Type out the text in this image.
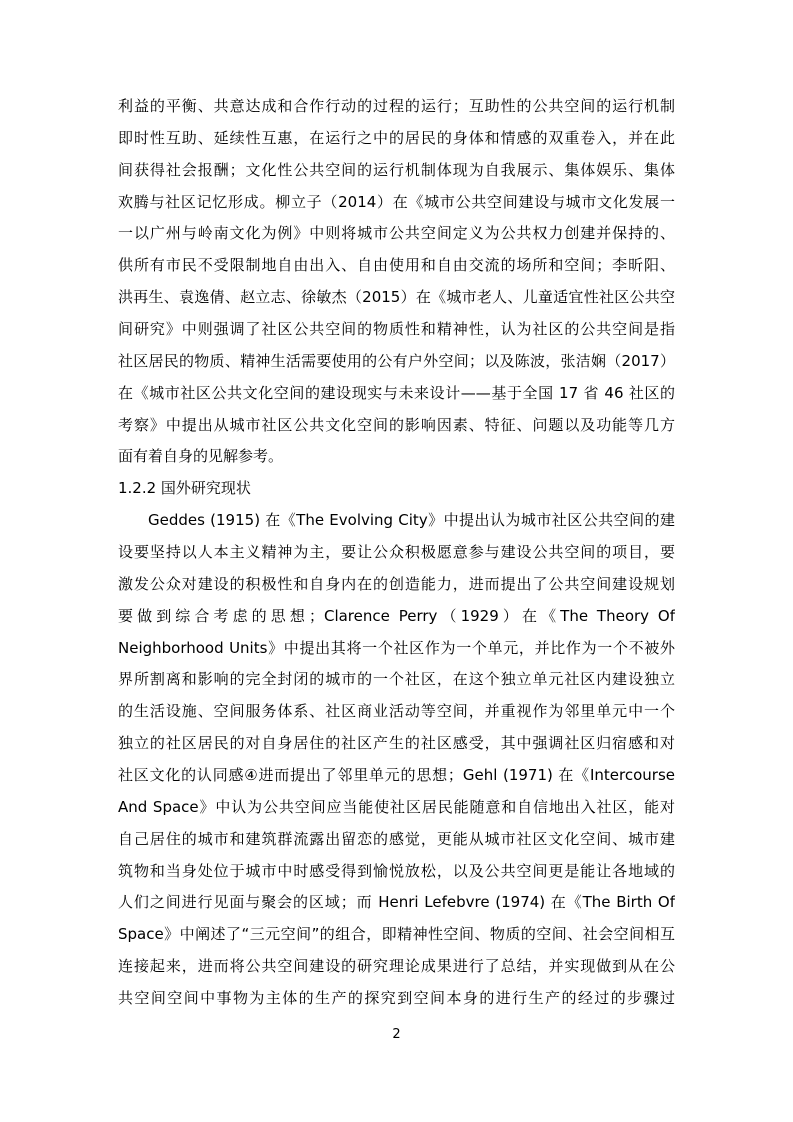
利益的平衡、共意达成和合作行动的过程的运行；互助性的公共空间的运行机制
即时性互助、延续性互惠，在运行之中的居民的身体和情感的双重卷入，并在此
间获得社会报酬；文化性公共空间的运行机制体现为自我展示、集体娱乐、集体
欢腾与社区记忆形成。柳立子（2014）在《城市公共空间建设与城市文化发展一
一以广州与岭南文化为例》中则将城市公共空间定义为公共权力创建并保持的、
供所有市民不受限制地自由出入、自由使用和自由交流的场所和空间；李昕阳、
洪再生、袁逸倩、赵立志、徐敏杰（2015）在《城市老人、儿童适宜性社区公共空
间研究》中则强调了社区公共空间的物质性和精神性，认为社区的公共空间是指
社区居民的物质、精神生活需要使用的公有户外空间；以及陈波，张洁娴（2017）
在《城市社区公共文化空间的建设现实与未来设计——基于全国 17 省 46 社区的
考察》中提出从城市社区公共文化空间的影响因素、特征、问题以及功能等几方
面有着自身的见解参考。
1.2.2 国外研究现状
Geddes (1915) 在《The Evolving City》中提出认为城市社区公共空间的建
设要坚持以人本主义精神为主，要让公众积极愿意参与建设公共空间的项目，要
激发公众对建设的积极性和自身内在的创造能力，进而提出了公共空间建设规划
要做到综合考虑的思想；Clarence Perry（1929）在《The Theory Of
Neighborhood Units》中提出其将一个社区作为一个单元，并比作为一个不被外
界所割离和影响的完全封闭的城市的一个社区，在这个独立单元社区内建设独立
的生活设施、空间服务体系、社区商业活动等空间，并重视作为邻里单元中一个
独立的社区居民的对自身居住的社区产生的社区感受，其中强调社区归宿感和对
社区文化的认同感④进而提出了邻里单元的思想；Gehl (1971) 在《Intercourse
And Space》中认为公共空间应当能使社区居民能随意和自信地出入社区，能对
自己居住的城市和建筑群流露出留恋的感觉，更能从城市社区文化空间、城市建
筑物和当身处位于城市中时感受得到愉悦放松，以及公共空间更是能让各地域的
人们之间进行见面与聚会的区域；而 Henri Lefebvre (1974) 在《The Birth Of
Space》中阐述了“三元空间”的组合，即精神性空间、物质的空间、社会空间相互
连接起来，进而将公共空间建设的研究理论成果进行了总结，并实现做到从在公
共空间空间中事物为主体的生产的探究到空间本身的进行生产的经过的步骤过
2
